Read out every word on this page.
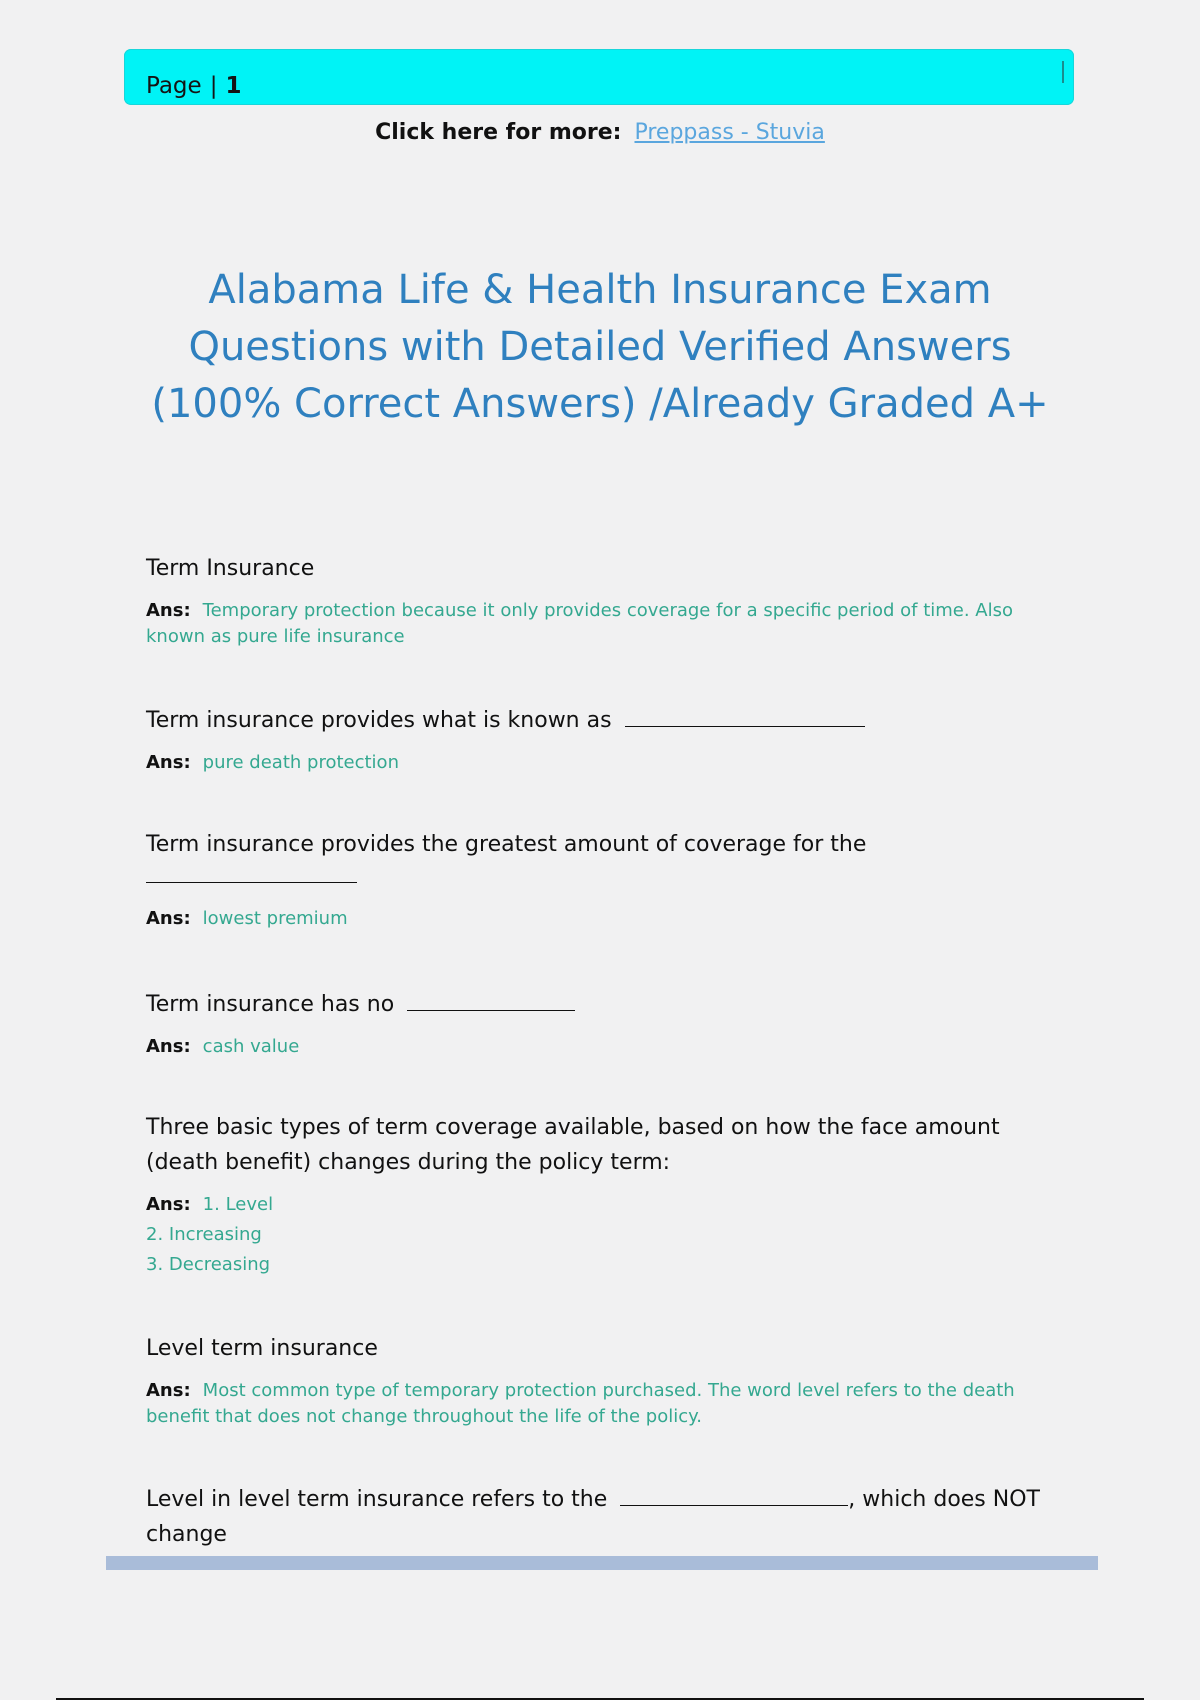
Page | 1
Click here for more: Preppass - Stuvia
Alabama Life & Health Insurance Exam Questions with Detailed Verified Answers (100% Correct Answers) /Already Graded A+

Term Insurance

Ans: Temporary protection because it only provides coverage for a specific period of time. Also known as pure life insurance

Term insurance provides what is known as

Ans: pure death protection

Term insurance provides the greatest amount of coverage for the

Ans: lowest premium

Term insurance has no

Ans: cash value

Three basic types of term coverage available, based on how the face amount (death benefit) changes during the policy term:

Ans: 1. Level
2. Increasing
3. Decreasing

Level term insurance

Ans: Most common type of temporary protection purchased. The word level refers to the death benefit that does not change throughout the life of the policy.

Level in level term insurance refers to the	, which does NOT change
